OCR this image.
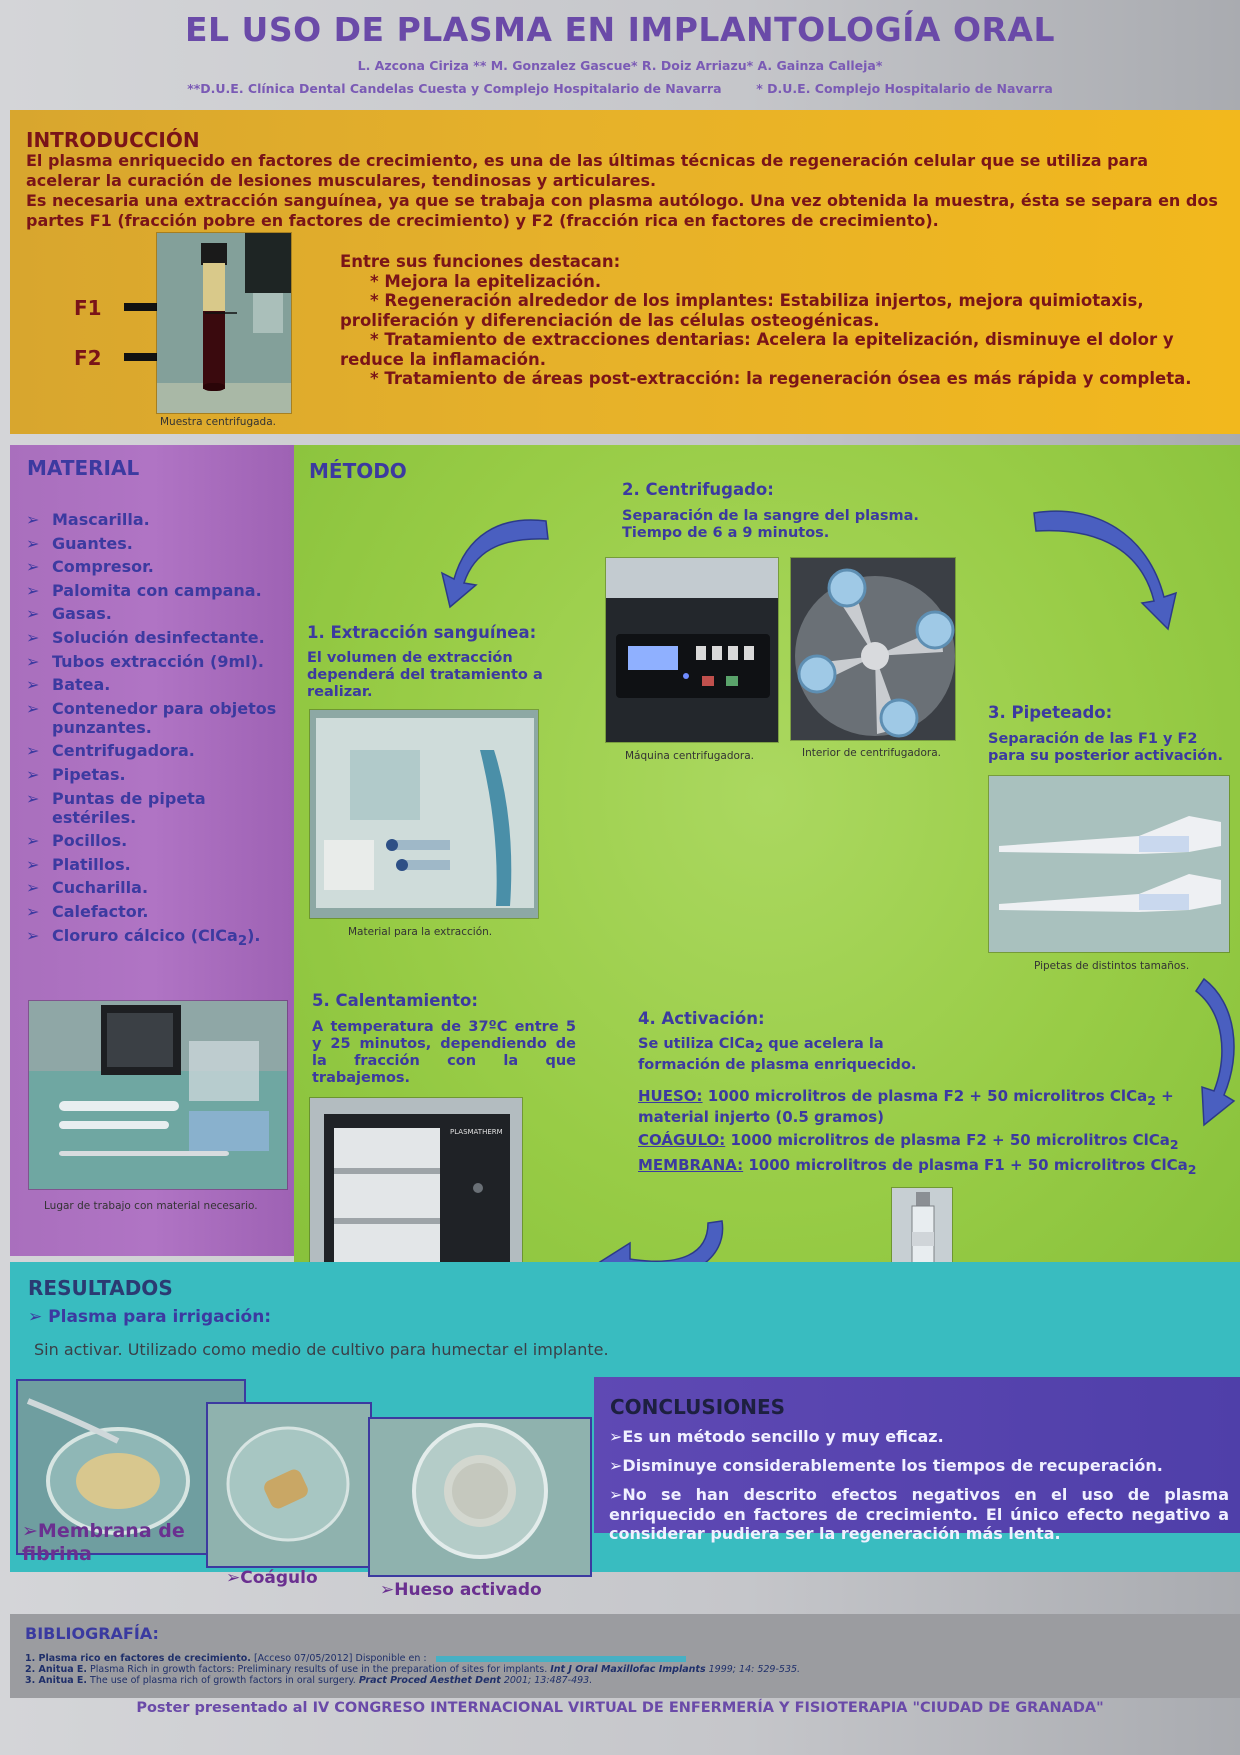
EL USO DE PLASMA EN IMPLANTOLOGÍA ORAL
L. Azcona Ciriza ** M. Gonzalez Gascue* R. Doiz Arriazu* A. Gainza Calleja*
**D.U.E. Clínica Dental Candelas Cuesta y Complejo Hospitalario de Navarra	* D.U.E. Complejo Hospitalario de Navarra
INTRODUCCIÓN
El plasma enriquecido en factores de crecimiento, es una de las últimas técnicas de regeneración celular que se utiliza para acelerar la curación de lesiones musculares, tendinosas y articulares.
Es necesaria una extracción sanguínea, ya que se trabaja con plasma autólogo. Una vez obtenida la muestra, ésta se separa en dos partes F1 (fracción pobre en factores de crecimiento) y F2 (fracción rica en factores de crecimiento).
F1
F2
Muestra centrifugada.
Entre sus funciones destacan:
* Mejora la epitelización.
* Regeneración alrededor de los implantes: Estabiliza injertos, mejora quimiotaxis, proliferación y diferenciación de las células osteogénicas.
* Tratamiento de extracciones dentarias: Acelera la epitelización, disminuye el dolor y reduce la inflamación.
* Tratamiento de áreas post-extracción: la regeneración ósea es más rápida y completa.
MATERIAL
➢ Mascarilla.
➢ Guantes.
➢ Compresor.
➢ Palomita con campana.
➢ Gasas.
➢ Solución desinfectante.
➢ Tubos extracción (9ml).
➢ Batea.
➢ Contenedor para objetos punzantes.
➢ Centrifugadora.
➢ Pipetas.
➢ Puntas de pipeta estériles.
➢ Pocillos.
➢ Platillos.
➢ Cucharilla.
➢ Calefactor.
➢ Cloruro cálcico (ClCa$_2$).
Lugar de trabajo con material necesario.
MÉTODO
1. Extracción sanguínea:
El volumen de extracción dependerá del tratamiento a realizar.
Material para la extracción.
2. Centrifugado:
Separación de la sangre del plasma.
Tiempo de 6 a 9 minutos.
Máquina centrifugadora.	Interior de centrifugadora.
3. Pipeteado:
Separación de las F1 y F2 para su posterior activación.
Pipetas de distintos tamaños.
4. Activación:
Se utiliza ClCa$_2$ que acelera la formación de plasma enriquecido.
HUESO: 1000 microlitros de plasma F2 + 50 microlitros ClCa$_2$ + material injerto (0.5 gramos)
COÁGULO: 1000 microlitros de plasma F2 + 50 microlitros ClCa$_2$
MEMBRANA: 1000 microlitros de plasma F1 + 50 microlitros ClCa$_2$
5. Calentamiento:
A temperatura de 37ºC entre 5 y 25 minutos, dependiendo de la fracción con la que trabajemos.
PLASMATHERM
RESULTADOS
➢ Plasma para irrigación:
Sin activar. Utilizado como medio de cultivo para humectar el implante.
➢Membrana de fibrina
➢Coágulo
➢Hueso activado
CONCLUSIONES
➢Es un método sencillo y muy eficaz.
➢Disminuye considerablemente los tiempos de recuperación.
➢No se han descrito efectos negativos en el uso de plasma enriquecido en factores de crecimiento. El único efecto negativo a considerar pudiera ser la regeneración más lenta.
BIBLIOGRAFÍA:
1. Plasma rico en factores de crecimiento. [Acceso 07/05/2012] Disponible en :
2. Anitua E. Plasma Rich in growth factors: Preliminary results of use in the preparation of sites for implants. Int J Oral Maxillofac Implants 1999; 14: 529-535.
3. Anitua E. The use of plasma rich of growth factors in oral surgery. Pract Proced Aesthet Dent 2001; 13:487-493.
Poster presentado al IV CONGRESO INTERNACIONAL VIRTUAL DE ENFERMERÍA Y FISIOTERAPIA "CIUDAD DE GRANADA"
